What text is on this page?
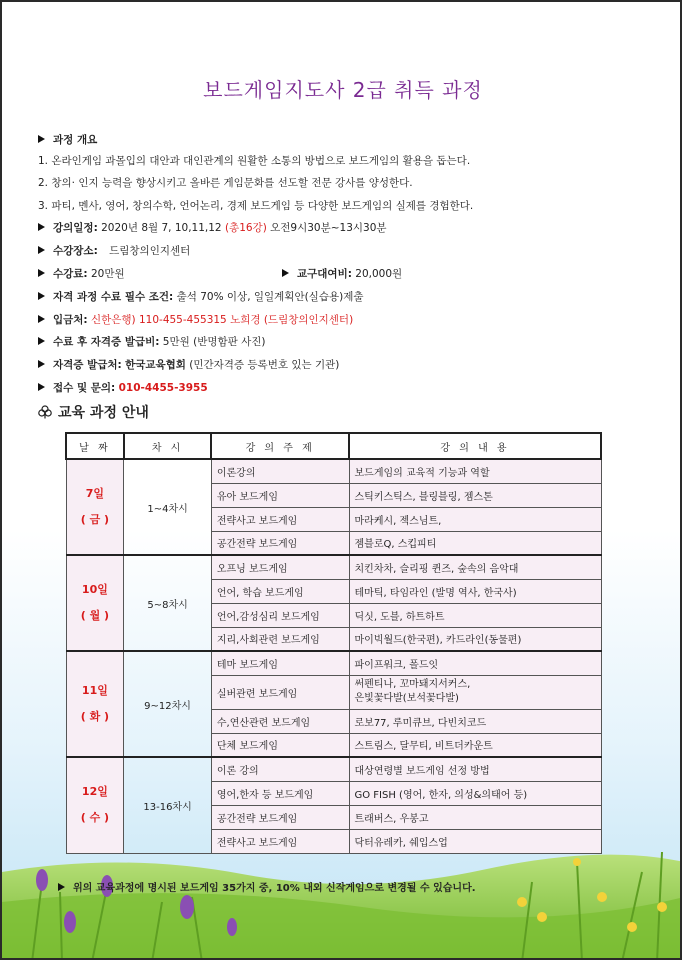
보드게임지도사 2급 취득 과정
과정 개요
1. 온라인게임 과몰입의 대안과 대인관계의 원활한 소통의 방법으로 보드게임의 활용을 돕는다.
2. 창의· 인지 능력을 향상시키고 올바른 게임문화를 선도할 전문 강사를 양성한다.
3. 파티, 멘사, 영어, 창의수학, 언어논리, 경제 보드게임 등 다양한 보드게임의 실제를 경험한다.
강의일정: 2020년 8월 7, 10,11,12 (총16강) 오전9시30분~13시30분
수강장소: 드림창의인지센터
수강료: 20만원	교구대여비: 20,000원
자격 과정 수료 필수 조건: 출석 70% 이상, 일일계획안(실습용)제출
입금처: 신한은행) 110-455-455315 노희경 (드림창의인지센터)
수료 후 자격증 발급비: 5만원 (반명함판 사진)
자격증 발급처: 한국교육협회 (민간자격증 등록번호 있는 기관)
접수 및 문의: 010-4455-3955
교육 과정 안내
날 짜	차 시	강 의 주 제	강 의 내 용

7일
( 금 )	1~4차시	이론강의	보드게임의 교육적 기능과 역할
		유아 보드게임	스틱키스틱스, 블링블링, 젬스톤
		전략사고 보드게임	마라케시, 젝스님트,
		공간전략 보드게임	젬블로Q, 스킵피티

10일
( 월 )	5~8차시	오프닝 보드게임	치킨차차, 슬리핑 퀸즈, 숲속의 음악대
		언어, 학습 보드게임	테마틱, 타임라인 (발명 역사, 한국사)
		언어,감성심리 보드게임	딕싯, 도블, 하트하트
		지리,사회관련 보드게임	마이빅월드(한국편), 카드라인(동물편)

11일
( 화 )	9~12차시	테마 보드게임	파이프워크, 폴드잇
		실버관련 보드게임	써펜티나, 꼬마돼지서커스,
은빛꽃다발(보석꽃다발)

		수,연산관련 보드게임	로보77, 루미큐브, 다빈치코드
		단체 보드게임	스트림스, 달무티, 비트더카운트

12일
( 수 )	13-16차시	이론 강의	대상연령별 보드게임 선정 방법
		영어,한자 등 보드게임	GO FISH (영어, 한자, 의성&의태어 등)
		공간전략 보드게임	트래버스, 우봉고
		전략사고 보드게임	닥터유레카, 쉐입스업
위의 교육과정에 명시된 보드게임 35가지 중, 10% 내외 신작게임으로 변경될 수 있습니다.
